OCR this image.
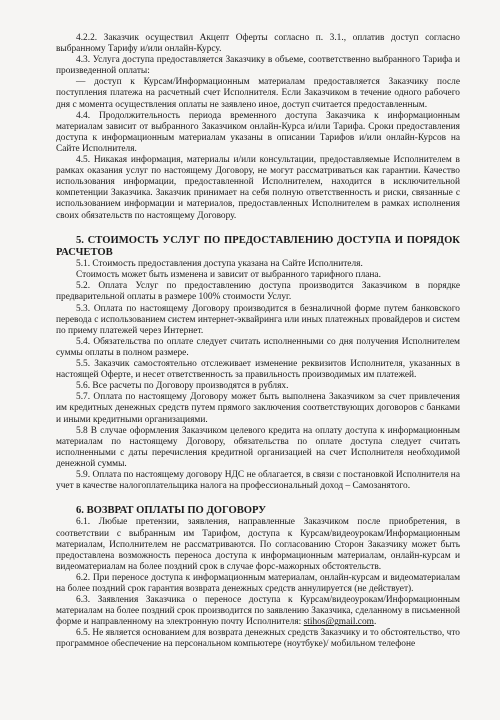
4.2.2. Заказчик осуществил Акцепт Оферты согласно п. 3.1., оплатив доступ согласно выбранному Тарифу и/или онлайн-Курсу.

4.3. Услуга доступа предоставляется Заказчику в объеме, соответственно выбранного Тарифа и произведенной оплаты:

— доступ к Курсам/Информационным материалам предоставляется Заказчику после поступления платежа на расчетный счет Исполнителя. Если Заказчиком в течение одного рабочего дня с момента осуществления оплаты не заявлено иное, доступ считается предоставленным.

4.4. Продолжительность периода временного доступа Заказчика к информационным материалам зависит от выбранного Заказчиком онлайн-Курса и/или Тарифа. Сроки предоставления доступа к информационным материалам указаны в описании Тарифов и/или онлайн-Курсов на Сайте Исполнителя.

4.5. Никакая информация, материалы и/или консультации, предоставляемые Исполнителем в рамках оказания услуг по настоящему Договору, не могут рассматриваться как гарантии. Качество использования информации, предоставленной Исполнителем, находится в исключительной компетенции Заказчика. Заказчик принимает на себя полную ответственность и риски, связанные с использованием информации и материалов, предоставленных Исполнителем в рамках исполнения своих обязательств по настоящему Договору.

5. СТОИМОСТЬ УСЛУГ ПО ПРЕДОСТАВЛЕНИЮ ДОСТУПА И ПОРЯДОК РАСЧЕТОВ

5.1. Стоимость предоставления доступа указана на Сайте Исполнителя.

Стоимость может быть изменена и зависит от выбранного тарифного плана.

5.2. Оплата Услуг по предоставлению доступа производится Заказчиком в порядке предварительной оплаты в размере 100% стоимости Услуг.

5.3. Оплата по настоящему Договору производится в безналичной форме путем банковского перевода с использованием систем интернет-эквайринга или иных платежных провайдеров и систем по приему платежей через Интернет.

5.4. Обязательства по оплате следует считать исполненными со дня получения Исполнителем суммы оплаты в полном размере.

5.5. Заказчик самостоятельно отслеживает изменение реквизитов Исполнителя, указанных в настоящей Оферте, и несет ответственность за правильность производимых им платежей.

5.6. Все расчеты по Договору производятся в рублях.

5.7. Оплата по настоящему Договору может быть выполнена Заказчиком за счет привлечения им кредитных денежных средств путем прямого заключения соответствующих договоров с банками и иными кредитными организациями.

5.8 В случае оформления Заказчиком целевого кредита на оплату доступа к информационным материалам по настоящему Договору, обязательства по оплате доступа следует считать исполненными с даты перечисления кредитной организацией на счет Исполнителя необходимой денежной суммы.

5.9. Оплата по настоящему договору НДС не облагается, в связи с постановкой Исполнителя на учет в качестве налогоплательщика налога на профессиональный доход – Самозанятого.

6. ВОЗВРАТ ОПЛАТЫ ПО ДОГОВОРУ

6.1. Любые претензии, заявления, направленные Заказчиком после приобретения, в соответствии с выбранным им Тарифом, доступа к Курсам/видеоурокам/Информационным материалам, Исполнителем не рассматриваются. По согласованию Сторон Заказчику может быть предоставлена возможность переноса доступа к информационным материалам, онлайн-курсам и видеоматериалам на более поздний срок в случае форс-мажорных обстоятельств.

6.2. При переносе доступа к информационным материалам, онлайн-курсам и видеоматериалам на более поздний срок гарантия возврата денежных средств аннулируется (не действует).

6.3. Заявления Заказчика о переносе доступа к Курсам/видеоурокам/Информационным материалам на более поздний срок производится по заявлению Заказчика, сделанному в письменной форме и направленному на электронную почту Исполнителя: stihos@gmail.com.

6.5. Не является основанием для возврата денежных средств Заказчику и то обстоятельство, что программное обеспечение на персональном компьютере (ноутбуке)/ мобильном телефоне
